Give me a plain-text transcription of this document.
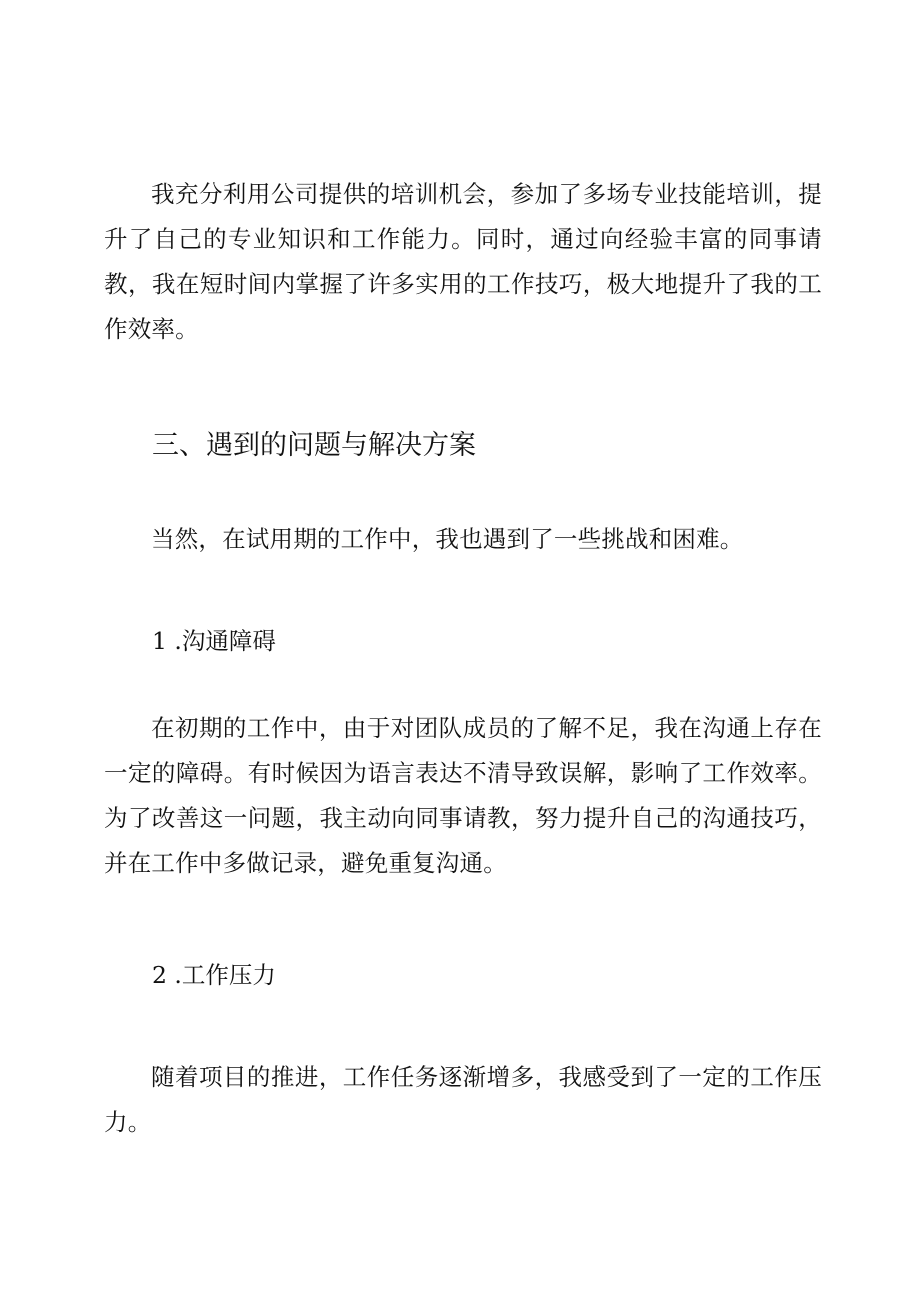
我充分利用公司提供的培训机会，参加了多场专业技能培训，提升了自己的专业知识和工作能力。同时，通过向经验丰富的同事请教，我在短时间内掌握了许多实用的工作技巧，极大地提升了我的工作效率。

三、遇到的问题与解决方案

当然，在试用期的工作中，我也遇到了一些挑战和困难。

1 .沟通障碍

在初期的工作中，由于对团队成员的了解不足，我在沟通上存在一定的障碍。有时候因为语言表达不清导致误解，影响了工作效率。为了改善这一问题，我主动向同事请教，努力提升自己的沟通技巧，并在工作中多做记录，避免重复沟通。

2 .工作压力

随着项目的推进，工作任务逐渐增多，我感受到了一定的工作压力。
